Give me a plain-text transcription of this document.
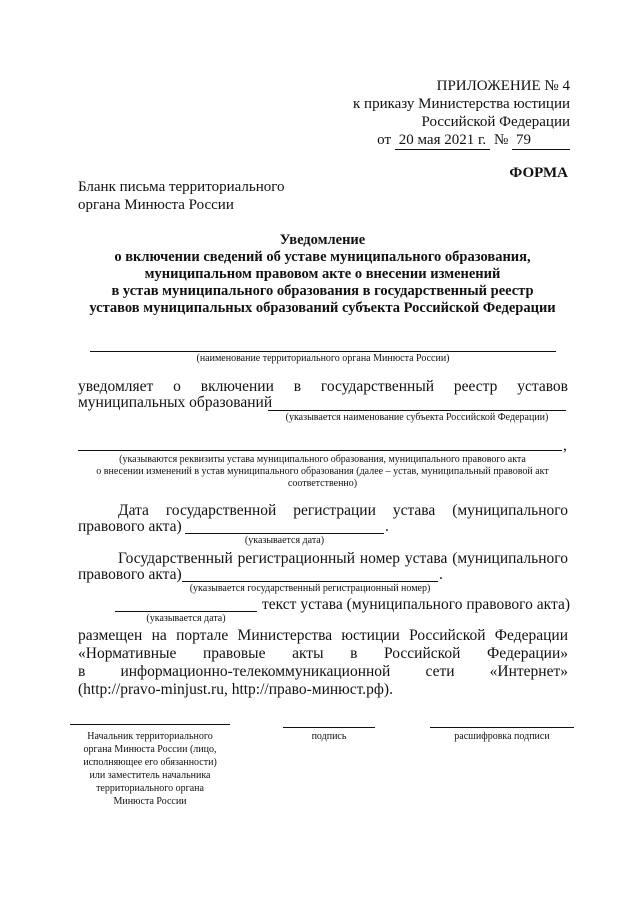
ПРИЛОЖЕНИЕ № 4
к приказу Министерства юстиции
Российской Федерации
от 20 мая 2021 г. № 79
ФОРМА
Бланк письма территориального
органа Минюста России
Уведомление
о включении сведений об уставе муниципального образования,
муниципальном правовом акте о внесении изменений
в устав муниципального образования в государственный реестр
уставов муниципальных образований субъекта Российской Федерации
(наименование территориального органа Минюста России)
уведомляет о включении в государственный реестр уставов
муниципальных образований
(указывается наименование субъекта Российской Федерации)
,
(указываются реквизиты устава муниципального образования, муниципального правового акта
о внесении изменений в устав муниципального образования (далее – устав, муниципальный правовой акт
соответственно)
Дата государственной регистрации устава (муниципального
правового акта)	.
(указывается дата)
Государственный регистрационный номер устава (муниципального
правового акта)	.
(указывается государственный регистрационный номер)
текст устава (муниципального правового акта)
(указывается дата)
размещен на портале Министерства юстиции Российской Федерации
«Нормативные правовые акты в Российской Федерации»
в информационно-телекоммуникационной сети «Интернет»
(http://pravo-minjust.ru, http://право-минюст.рф).
Начальник территориального
органа Минюста России (лицо,
исполняющее его обязанности)
или заместитель начальника
территориального органа
Минюста России
подпись	расшифровка подписи
